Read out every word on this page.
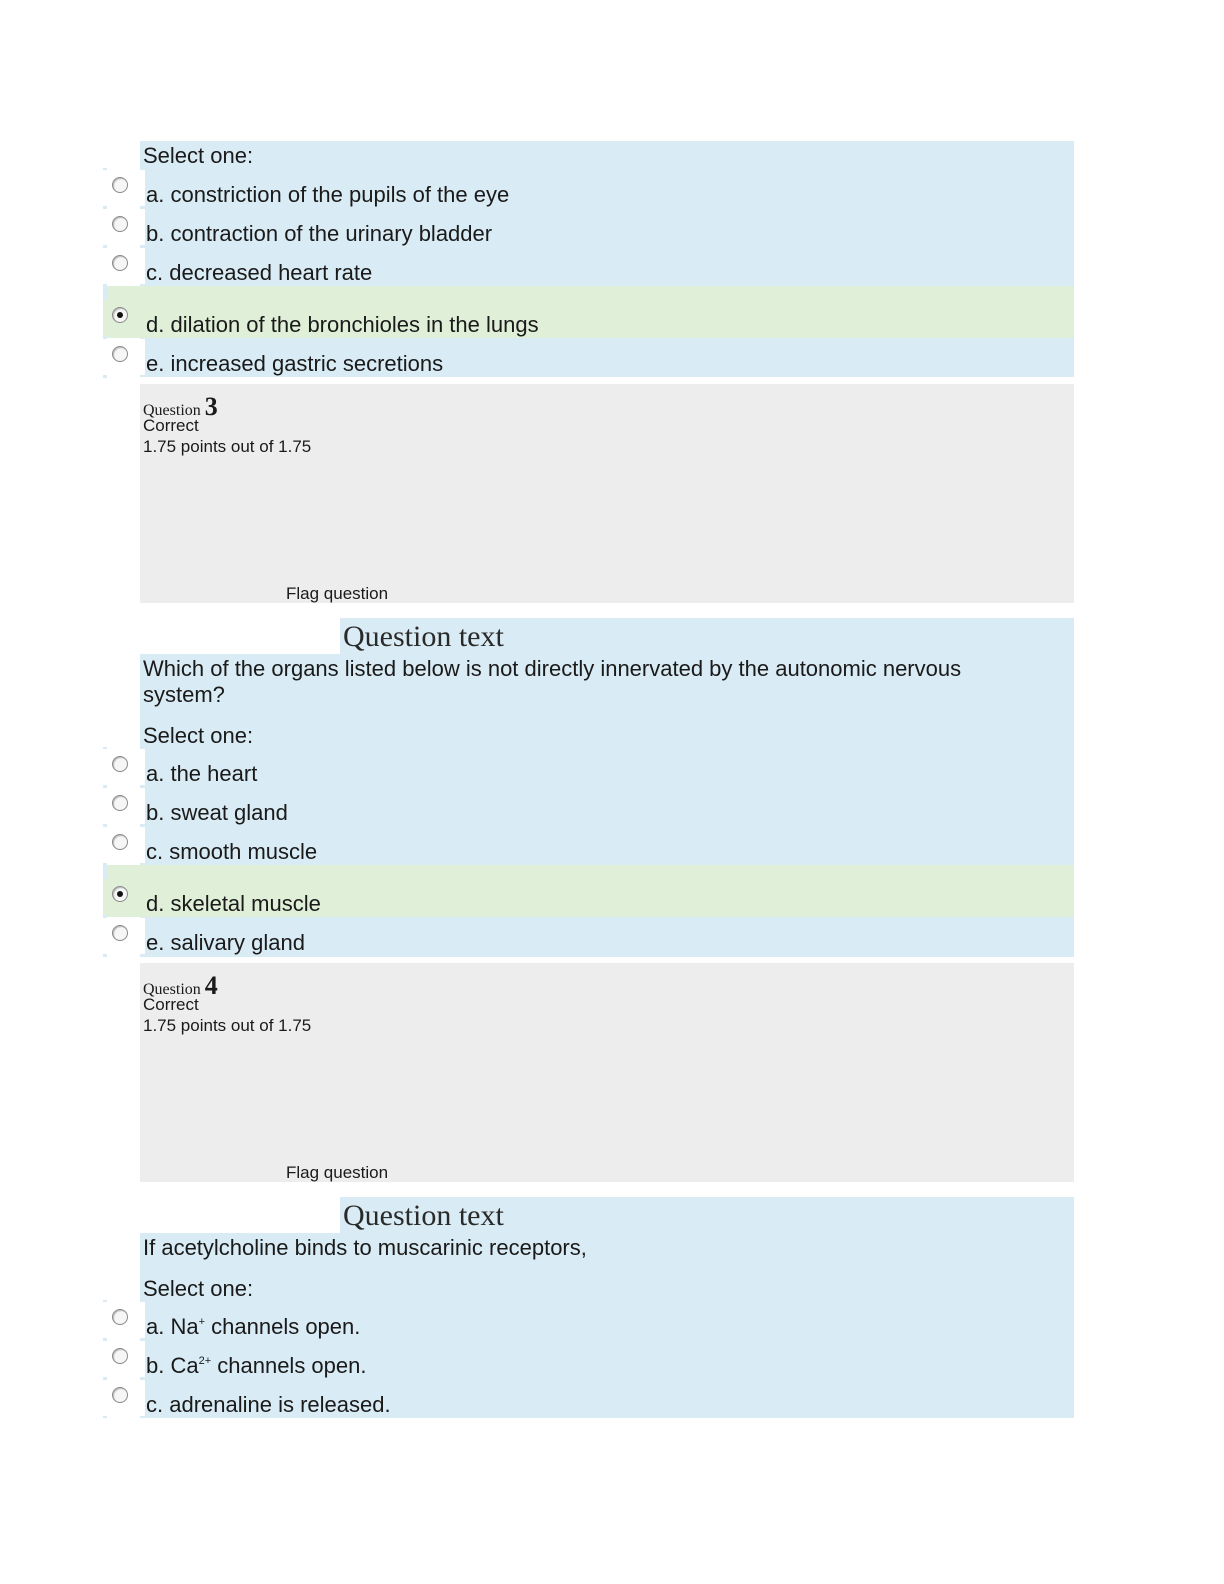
Select one:
a. constriction of the pupils of the eye
b. contraction of the urinary bladder
c. decreased heart rate
d. dilation of the bronchioles in the lungs
e. increased gastric secretions
Question 3
Correct
1.75 points out of 1.75
Flag question
Question text
Which of the organs listed below is not directly innervated by the autonomic nervous system?
Select one:
a. the heart
b. sweat gland
c. smooth muscle
d. skeletal muscle
e. salivary gland
Question 4
Correct
1.75 points out of 1.75
Flag question
Question text
If acetylcholine binds to muscarinic receptors,
Select one:
a. Na+ channels open.
b. $Ca^{2+}$ channels open.
c. adrenaline is released.
